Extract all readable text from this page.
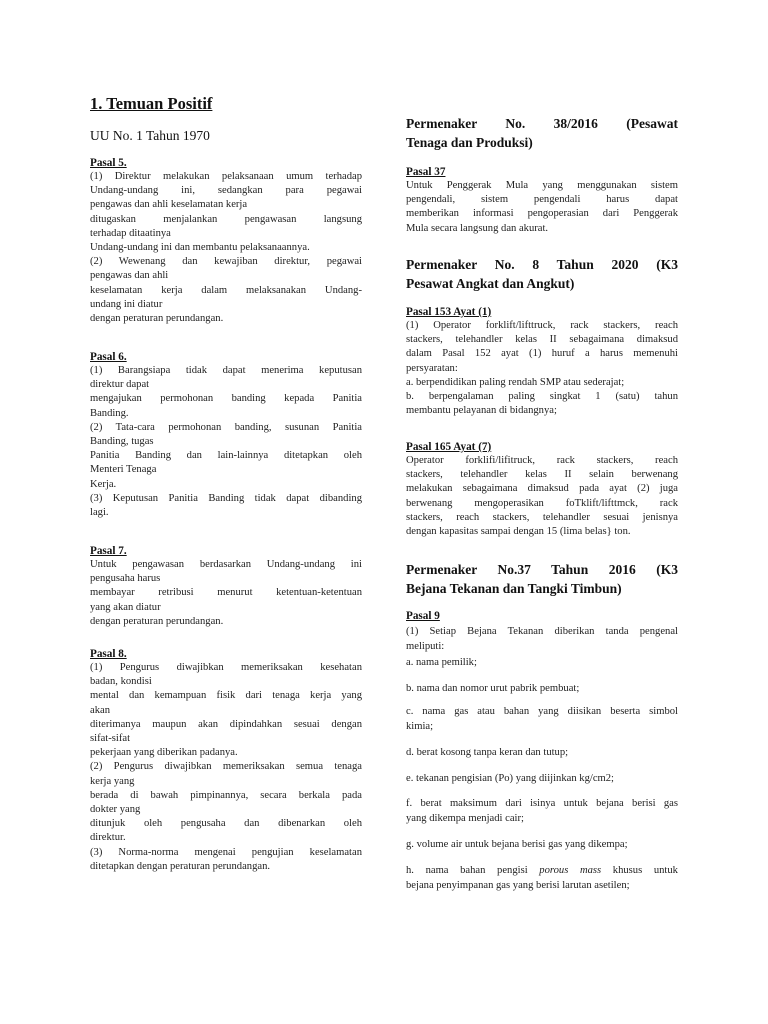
1. Temuan Positif
UU No. 1 Tahun 1970
Pasal 5.
(1) Direktur melakukan pelaksanaan umum terhadap
Undang-undang ini, sedangkan para pegawai
pengawas dan ahli keselamatan kerja
ditugaskan menjalankan pengawasan langsung
terhadap ditaatinya
Undang-undang ini dan membantu pelaksanaannya.
(2) Wewenang dan kewajiban direktur, pegawai
pengawas dan ahli
keselamatan kerja dalam melaksanakan Undang-
undang ini diatur
dengan peraturan perundangan.
Pasal 6.
(1) Barangsiapa tidak dapat menerima keputusan
direktur dapat
mengajukan permohonan banding kepada Panitia
Banding.
(2) Tata-cara permohonan banding, susunan Panitia
Banding, tugas
Panitia Banding dan lain-lainnya ditetapkan oleh
Menteri Tenaga
Kerja.
(3) Keputusan Panitia Banding tidak dapat dibanding
lagi.
Pasal 7.
Untuk pengawasan berdasarkan Undang-undang ini
pengusaha harus
membayar retribusi menurut ketentuan-ketentuan
yang akan diatur
dengan peraturan perundangan.
Pasal 8.
(1) Pengurus diwajibkan memeriksakan kesehatan
badan, kondisi
mental dan kemampuan fisik dari tenaga kerja yang
akan
diterimanya maupun akan dipindahkan sesuai dengan
sifat-sifat
pekerjaan yang diberikan padanya.
(2) Pengurus diwajibkan memeriksakan semua tenaga
kerja yang
berada di bawah pimpinannya, secara berkala pada
dokter yang
ditunjuk oleh pengusaha dan dibenarkan oleh
direktur.
(3) Norma-norma mengenai pengujian keselamatan
ditetapkan dengan peraturan perundangan.
Permenaker No. 38/2016 (Pesawat
Tenaga dan Produksi)
Pasal 37
Untuk Penggerak Mula yang menggunakan sistem
pengendali, sistem pengendali harus dapat
memberikan informasi pengoperasian dari Penggerak
Mula secara langsung dan akurat.
Permenaker No. 8 Tahun 2020 (K3
Pesawat Angkat dan Angkut)
Pasal 153 Ayat (1)
(1) Operator forklift/lifttruck, rack stackers, reach
stackers, telehandler kelas II sebagaimana dimaksud
dalam Pasal 152 ayat (1) huruf a harus memenuhi
persyaratan:
a. berpendidikan paling rendah SMP atau sederajat;
b. berpengalaman paling singkat 1 (satu) tahun
membantu pelayanan di bidangnya;
Pasal 165 Ayat (7)
Operator forklifi/lifitruck, rack stackers, reach
stackers, telehandler kelas II selain berwenang
melakukan sebagaimana dimaksud pada ayat (2) juga
berwenang mengoperasikan foTklift/lifttmck, rack
stackers, reach stackers, telehandler sesuai jenisnya
dengan kapasitas sampai dengan 15 (lima belas} ton.
Permenaker No.37 Tahun 2016 (K3
Bejana Tekanan dan Tangki Timbun)
Pasal 9
(1) Setiap Bejana Tekanan diberikan tanda pengenal
meliputi:
a. nama pemilik;
b. nama dan nomor urut pabrik pembuat;
c. nama gas atau bahan yang diisikan beserta simbol
kimia;
d. berat kosong tanpa keran dan tutup;
e. tekanan pengisian (Po) yang diijinkan kg/cm2;
f. berat maksimum dari isinya untuk bejana berisi gas
yang dikempa menjadi cair;
g. volume air untuk bejana berisi gas yang dikempa;
h. nama bahan pengisi porous mass khusus untuk
bejana penyimpanan gas yang berisi larutan asetilen;
